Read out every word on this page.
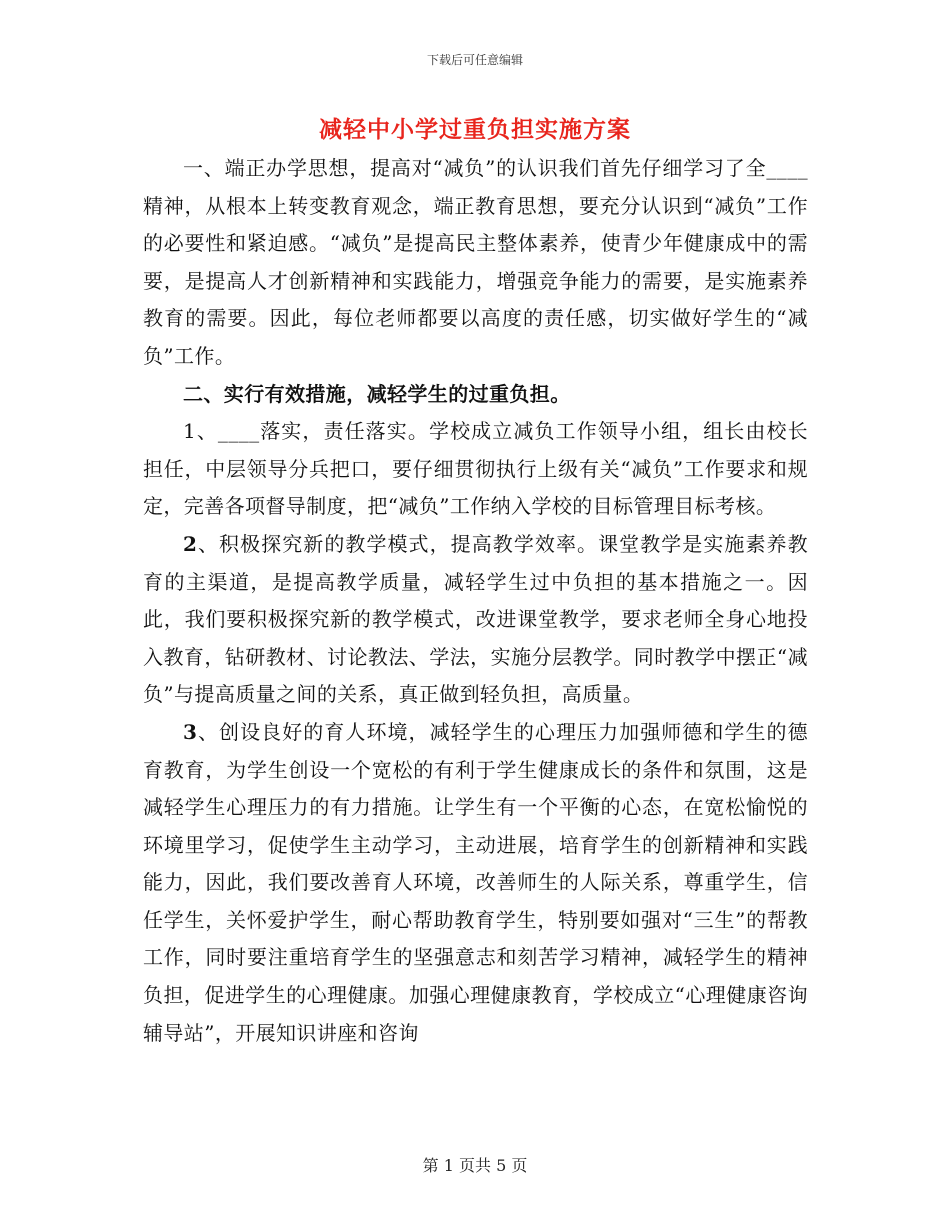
下载后可任意编辑
减轻中小学过重负担实施方案

一、端正办学思想，提高对“减负”的认识我们首先仔细学习了全____精神，从根本上转变教育观念，端正教育思想，要充分认识到“减负”工作的必要性和紧迫感。“减负”是提高民主整体素养，使青少年健康成中的需要，是提高人才创新精神和实践能力，增强竞争能力的需要，是实施素养教育的需要。因此，每位老师都要以高度的责任感，切实做好学生的“减负”工作。

二、实行有效措施，减轻学生的过重负担。

1、____落实，责任落实。学校成立减负工作领导小组，组长由校长担任，中层领导分兵把口，要仔细贯彻执行上级有关“减负”工作要求和规定，完善各项督导制度，把“减负”工作纳入学校的目标管理目标考核。

2、积极探究新的教学模式，提高教学效率。课堂教学是实施素养教育的主渠道，是提高教学质量，减轻学生过中负担的基本措施之一。因此，我们要积极探究新的教学模式，改进课堂教学，要求老师全身心地投入教育，钻研教材、讨论教法、学法，实施分层教学。同时教学中摆正“减负”与提高质量之间的关系，真正做到轻负担，高质量。

3、创设良好的育人环境，减轻学生的心理压力加强师德和学生的德育教育，为学生创设一个宽松的有利于学生健康成长的条件和氛围，这是减轻学生心理压力的有力措施。让学生有一个平衡的心态，在宽松愉悦的环境里学习，促使学生主动学习，主动进展，培育学生的创新精神和实践能力，因此，我们要改善育人环境，改善师生的人际关系，尊重学生，信任学生，关怀爱护学生，耐心帮助教育学生，特别要如强对“三生”的帮教工作，同时要注重培育学生的坚强意志和刻苦学习精神，减轻学生的精神负担，促进学生的心理健康。加强心理健康教育，学校成立“心理健康咨询辅导站”，开展知识讲座和咨询

第 1 页共 5 页
